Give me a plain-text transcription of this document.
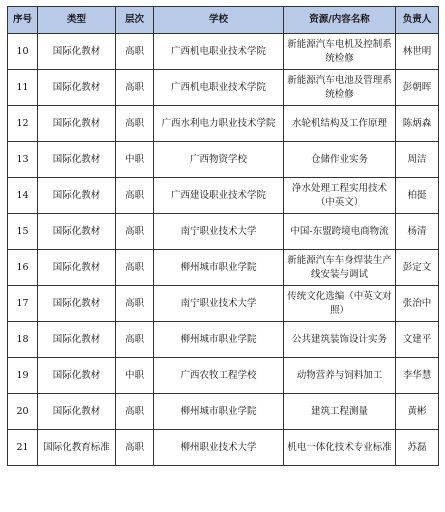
序号	类型	层次	学校	资源/内容名称	负责人
10	国际化教材	高职	广西机电职业技术学院	新能源汽车电机及控制系统检修	林世明
11	国际化教材	高职	广西机电职业技术学院	新能源汽车电池及管理系统检修	彭朝晖
12	国际化教材	高职	广西水利电力职业技术学院	水轮机结构及工作原理	陈炳森
13	国际化教材	中职	广西物资学校	仓储作业实务	周洁
14	国际化教材	高职	广西建设职业技术学院	净水处理工程实用技术（中英文）	柏挺
15	国际化教材	高职	南宁职业技术大学	中国-东盟跨境电商物流	杨清
16	国际化教材	高职	柳州城市职业学院	新能源汽车车身焊装生产线安装与调试	彭定文
17	国际化教材	高职	南宁职业技术大学	传统文化选编（中英文对照）	张治中
18	国际化教材	高职	柳州城市职业学院	公共建筑装饰设计实务	文建平
19	国际化教材	中职	广西农牧工程学校	动物营养与饲料加工	李华慧
20	国际化教材	高职	柳州城市职业学院	建筑工程测量	黄彬
21	国际化教育标准	高职	柳州职业技术大学	机电一体化技术专业标准	苏磊
